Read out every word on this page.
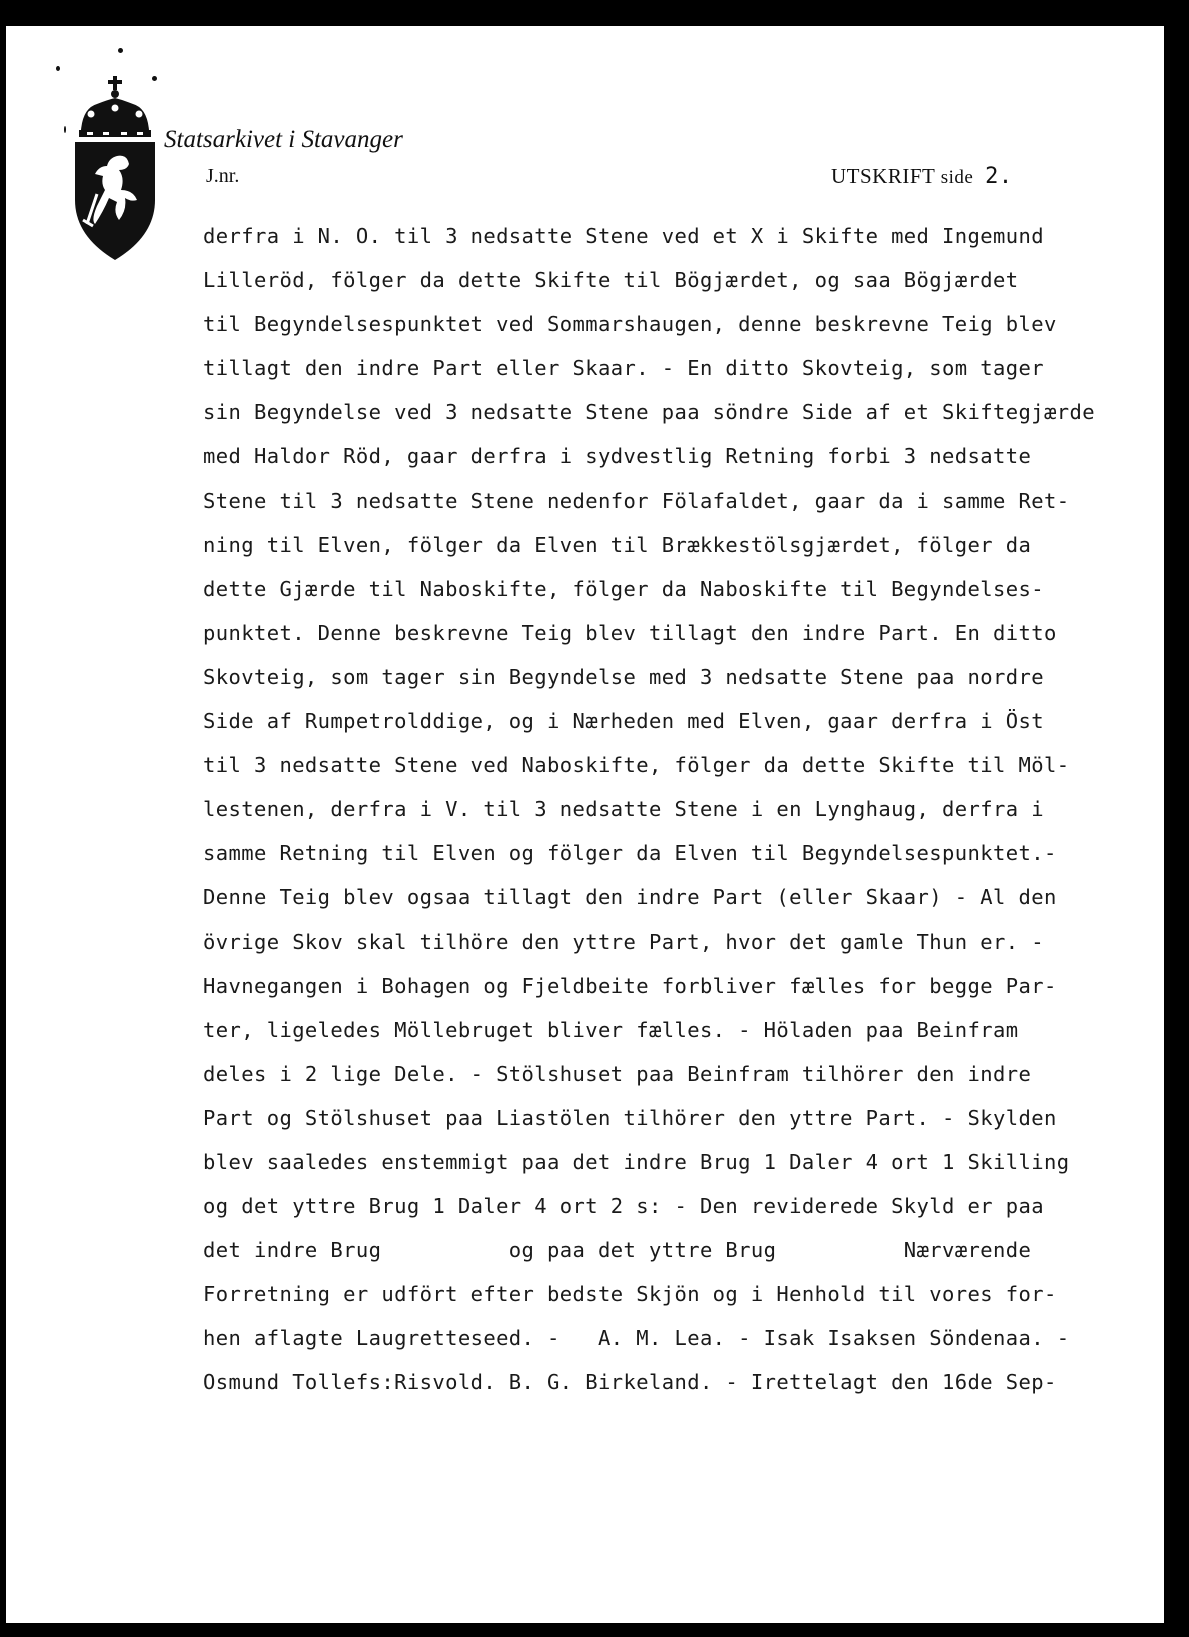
Statsarkivet i Stavanger
J.nr.	UTSKRIFT side 2.
derfra i N. O. til 3 nedsatte Stene ved et X i Skifte med Ingemund
Lilleröd, fölger da dette Skifte til Bögjærdet, og saa Bögjærdet
til Begyndelsespunktet ved Sommarshaugen, denne beskrevne Teig blev
tillagt den indre Part eller Skaar. - En ditto Skovteig, som tager
sin Begyndelse ved 3 nedsatte Stene paa söndre Side af et Skiftegjærde
med Haldor Röd, gaar derfra i sydvestlig Retning forbi 3 nedsatte
Stene til 3 nedsatte Stene nedenfor Fölafaldet, gaar da i samme Ret-
ning til Elven, fölger da Elven til Brækkestölsgjærdet, fölger da
dette Gjærde til Naboskifte, fölger da Naboskifte til Begyndelses-
punktet. Denne beskrevne Teig blev tillagt den indre Part. En ditto
Skovteig, som tager sin Begyndelse med 3 nedsatte Stene paa nordre
Side af Rumpetrolddige, og i Nærheden med Elven, gaar derfra i Öst
til 3 nedsatte Stene ved Naboskifte, fölger da dette Skifte til Möl-
lestenen, derfra i V. til 3 nedsatte Stene i en Lynghaug, derfra i
samme Retning til Elven og fölger da Elven til Begyndelsespunktet.-
Denne Teig blev ogsaa tillagt den indre Part (eller Skaar) - Al den
övrige Skov skal tilhöre den yttre Part, hvor det gamle Thun er. -
Havnegangen i Bohagen og Fjeldbeite forbliver fælles for begge Par-
ter, ligeledes Möllebruget bliver fælles. - Höladen paa Beinfram
deles i 2 lige Dele. - Stölshuset paa Beinfram tilhörer den indre
Part og Stölshuset paa Liastölen tilhörer den yttre Part. - Skylden
blev saaledes enstemmigt paa det indre Brug 1 Daler 4 ort 1 Skilling
og det yttre Brug 1 Daler 4 ort 2 s: - Den reviderede Skyld er paa
det indre Brug          og paa det yttre Brug          Nærværende
Forretning er udfört efter bedste Skjön og i Henhold til vores for-
hen aflagte Laugretteseed. -   A. M. Lea. - Isak Isaksen Söndenaa. -
Osmund Tollefs:Risvold. B. G. Birkeland. - Irettelagt den 16de Sep-
